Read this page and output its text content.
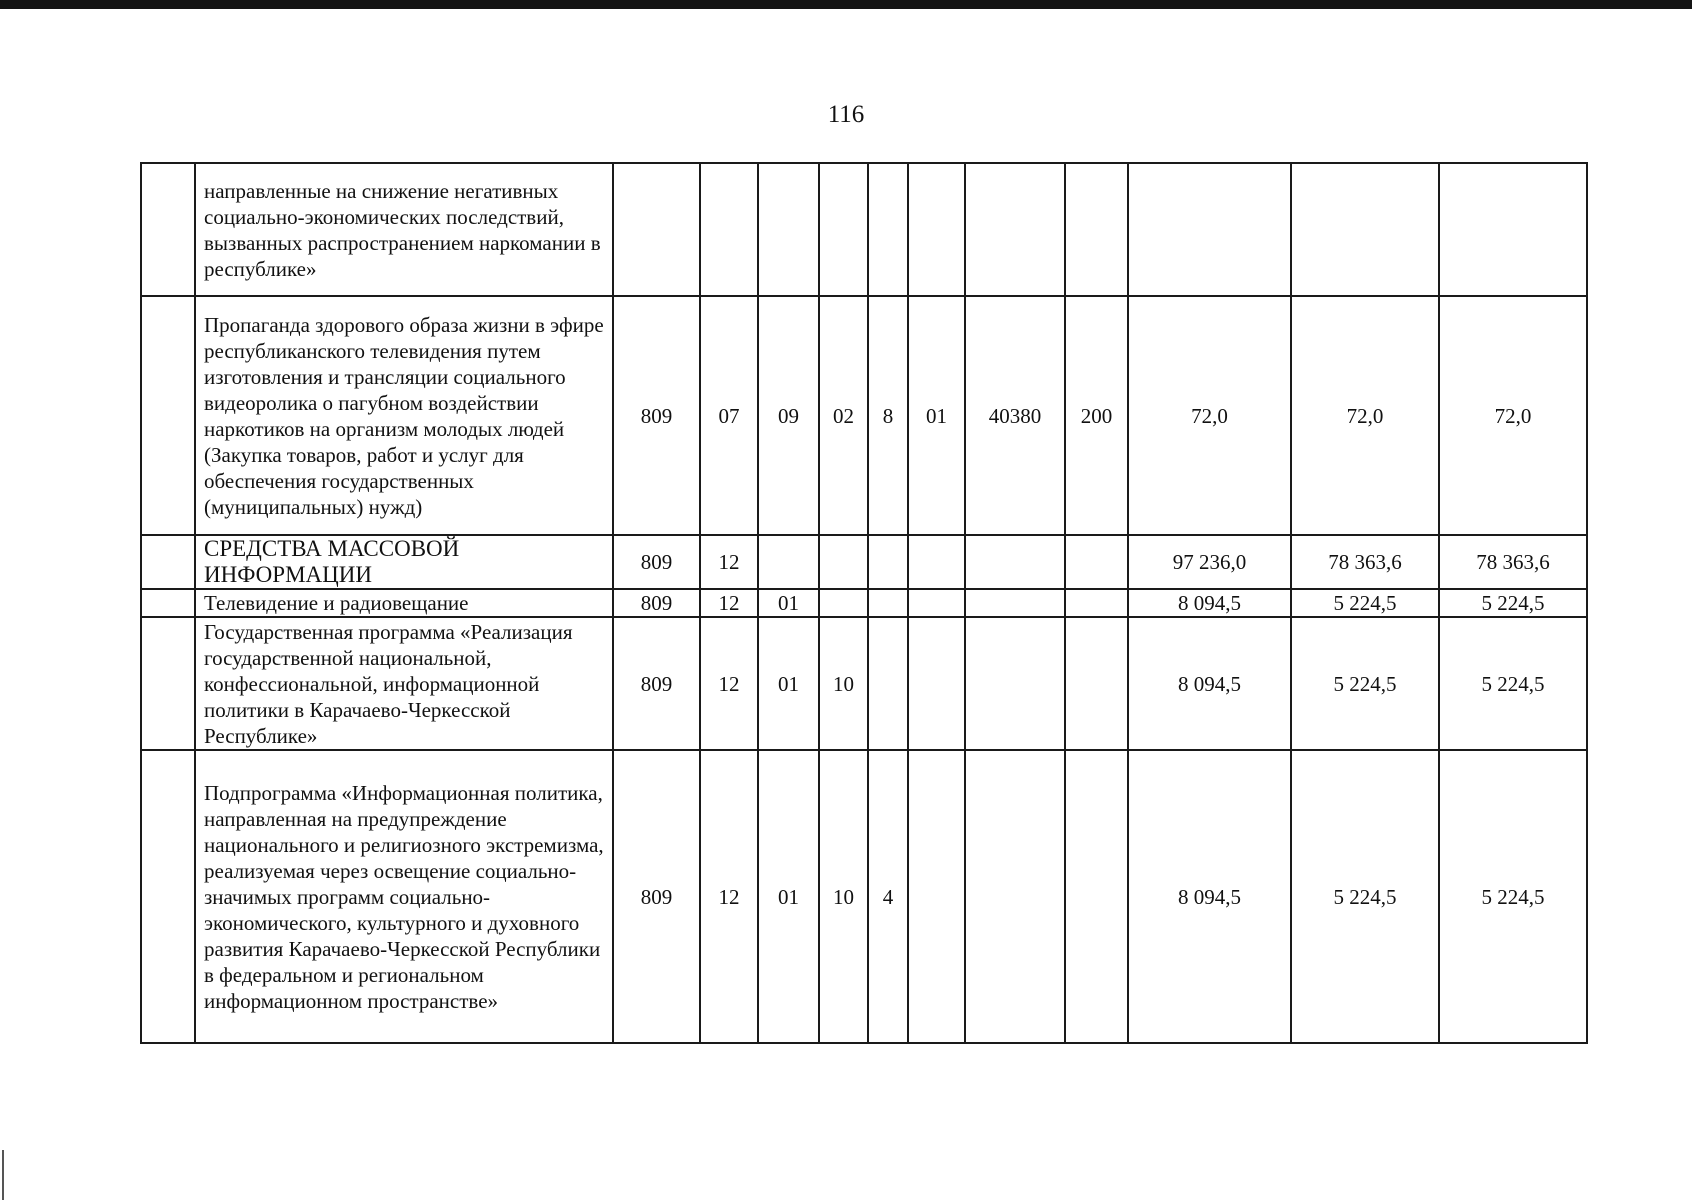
116
	направленные на снижение негативных социально-экономических последствий, вызванных распространением наркомании в республике»											
	Пропаганда здорового образа жизни в эфире республиканского телевидения путем изготовления и трансляции социального видеоролика о пагубном воздействии наркотиков на организм молодых людей (Закупка товаров, работ и услуг для обеспечения государственных (муниципальных) нужд)	809	07	09	02	8	01	40380	200	72,0	72,0	72,0
	СРЕДСТВА МАССОВОЙ ИНФОРМАЦИИ	809	12							97 236,0	78 363,6	78 363,6
	Телевидение и радиовещание	809	12	01						8 094,5	5 224,5	5 224,5
	Государственная программа «Реализация государственной национальной, конфессиональной, информационной политики в Карачаево-Черкесской Республике»	809	12	01	10					8 094,5	5 224,5	5 224,5
	Подпрограмма «Информационная политика, направленная на предупреждение национального и религиозного экстремизма, реализуемая через освещение социально-значимых программ социально-экономического, культурного и духовного развития Карачаево-Черкесской Республики в федеральном и региональном информационном пространстве»	809	12	01	10	4				8 094,5	5 224,5	5 224,5
